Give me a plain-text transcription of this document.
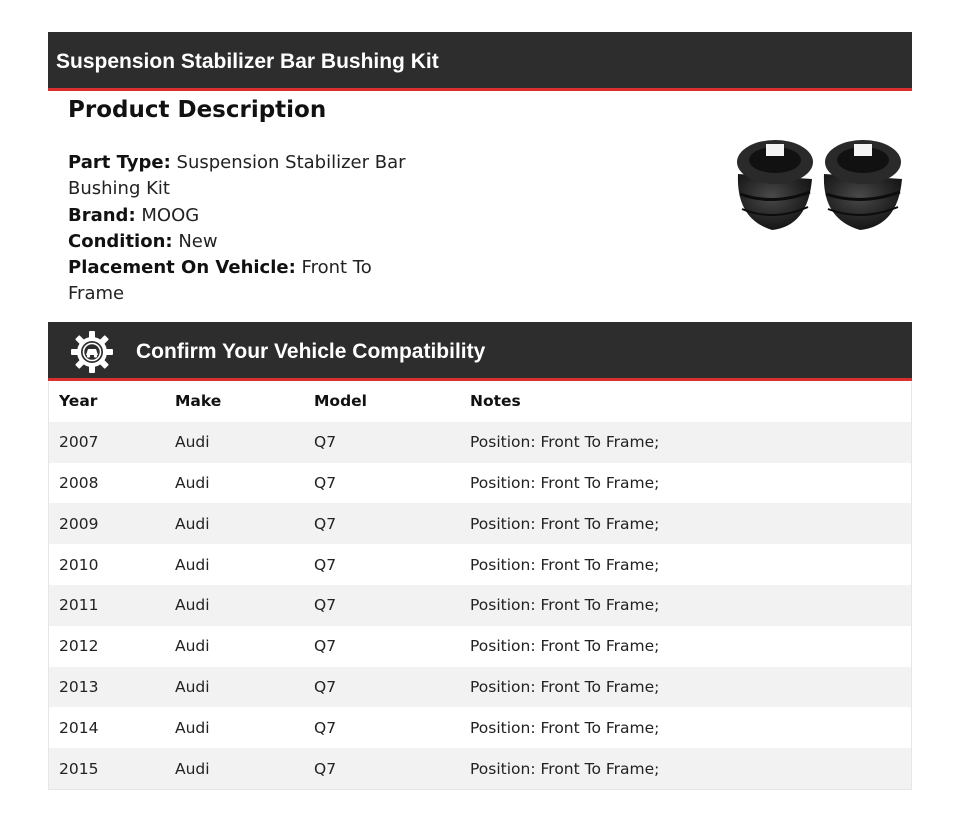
Suspension Stabilizer Bar Bushing Kit
Product Description
Part Type: Suspension Stabilizer Bar Bushing Kit
Brand: MOOG
Condition: New
Placement On Vehicle: Front To Frame
Confirm Your Vehicle Compatibility
Year	Make	Model	Notes
2007	Audi	Q7	Position: Front To Frame;
2008	Audi	Q7	Position: Front To Frame;
2009	Audi	Q7	Position: Front To Frame;
2010	Audi	Q7	Position: Front To Frame;
2011	Audi	Q7	Position: Front To Frame;
2012	Audi	Q7	Position: Front To Frame;
2013	Audi	Q7	Position: Front To Frame;
2014	Audi	Q7	Position: Front To Frame;
2015	Audi	Q7	Position: Front To Frame;
